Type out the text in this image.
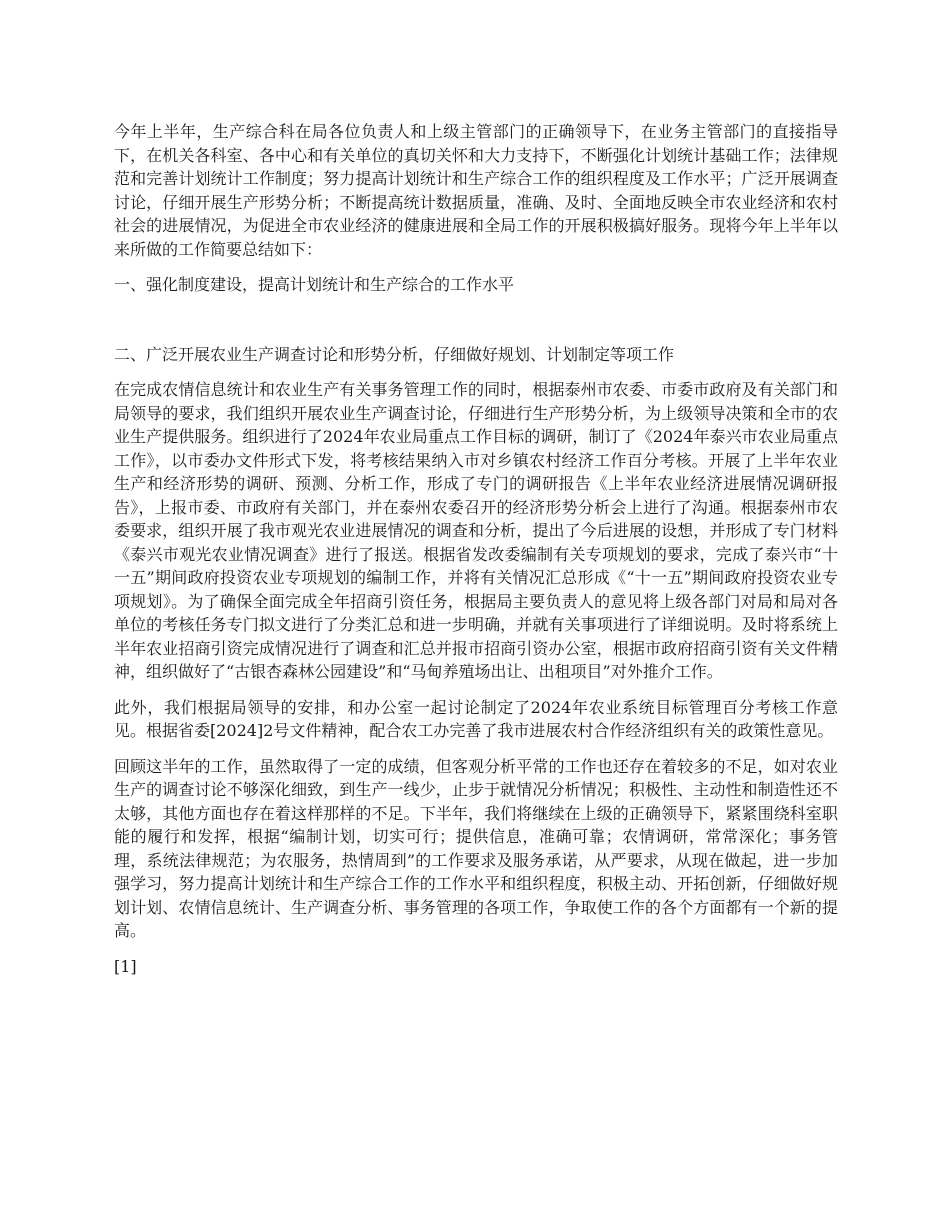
今年上半年，生产综合科在局各位负责人和上级主管部门的正确领导下，在业务主管部门的直接指导下，在机关各科室、各中心和有关单位的真切关怀和大力支持下，不断强化计划统计基础工作；法律规范和完善计划统计工作制度；努力提高计划统计和生产综合工作的组织程度及工作水平；广泛开展调查讨论，仔细开展生产形势分析；不断提高统计数据质量，准确、及时、全面地反映全市农业经济和农村社会的进展情况，为促进全市农业经济的健康进展和全局工作的开展积极搞好服务。现将今年上半年以来所做的工作简要总结如下：

一、强化制度建设，提高计划统计和生产综合的工作水平

二、广泛开展农业生产调查讨论和形势分析，仔细做好规划、计划制定等项工作

在完成农情信息统计和农业生产有关事务管理工作的同时，根据泰州市农委、市委市政府及有关部门和局领导的要求，我们组织开展农业生产调查讨论，仔细进行生产形势分析，为上级领导决策和全市的农业生产提供服务。组织进行了2024年农业局重点工作目标的调研，制订了《2024年泰兴市农业局重点工作》，以市委办文件形式下发，将考核结果纳入市对乡镇农村经济工作百分考核。开展了上半年农业生产和经济形势的调研、预测、分析工作，形成了专门的调研报告《上半年农业经济进展情况调研报告》，上报市委、市政府有关部门，并在泰州农委召开的经济形势分析会上进行了沟通。根据泰州市农委要求，组织开展了我市观光农业进展情况的调查和分析，提出了今后进展的设想，并形成了专门材料《泰兴市观光农业情况调查》进行了报送。根据省发改委编制有关专项规划的要求，完成了泰兴市“十一五”期间政府投资农业专项规划的编制工作，并将有关情况汇总形成《“十一五”期间政府投资农业专项规划》。为了确保全面完成全年招商引资任务，根据局主要负责人的意见将上级各部门对局和局对各单位的考核任务专门拟文进行了分类汇总和进一步明确，并就有关事项进行了详细说明。及时将系统上半年农业招商引资完成情况进行了调查和汇总并报市招商引资办公室，根据市政府招商引资有关文件精神，组织做好了“古银杏森林公园建设”和“马甸养殖场出让、出租项目”对外推介工作。

此外，我们根据局领导的安排，和办公室一起讨论制定了2024年农业系统目标管理百分考核工作意见。根据省委[2024]2号文件精神，配合农工办完善了我市进展农村合作经济组织有关的政策性意见。

回顾这半年的工作，虽然取得了一定的成绩，但客观分析平常的工作也还存在着较多的不足，如对农业生产的调查讨论不够深化细致，到生产一线少，止步于就情况分析情况；积极性、主动性和制造性还不太够，其他方面也存在着这样那样的不足。下半年，我们将继续在上级的正确领导下，紧紧围绕科室职能的履行和发挥，根据“编制计划，切实可行；提供信息，准确可靠；农情调研，常常深化；事务管理，系统法律规范；为农服务，热情周到”的工作要求及服务承诺，从严要求，从现在做起，进一步加强学习，努力提高计划统计和生产综合工作的工作水平和组织程度，积极主动、开拓创新，仔细做好规划计划、农情信息统计、生产调查分析、事务管理的各项工作，争取使工作的各个方面都有一个新的提高。

[1]
